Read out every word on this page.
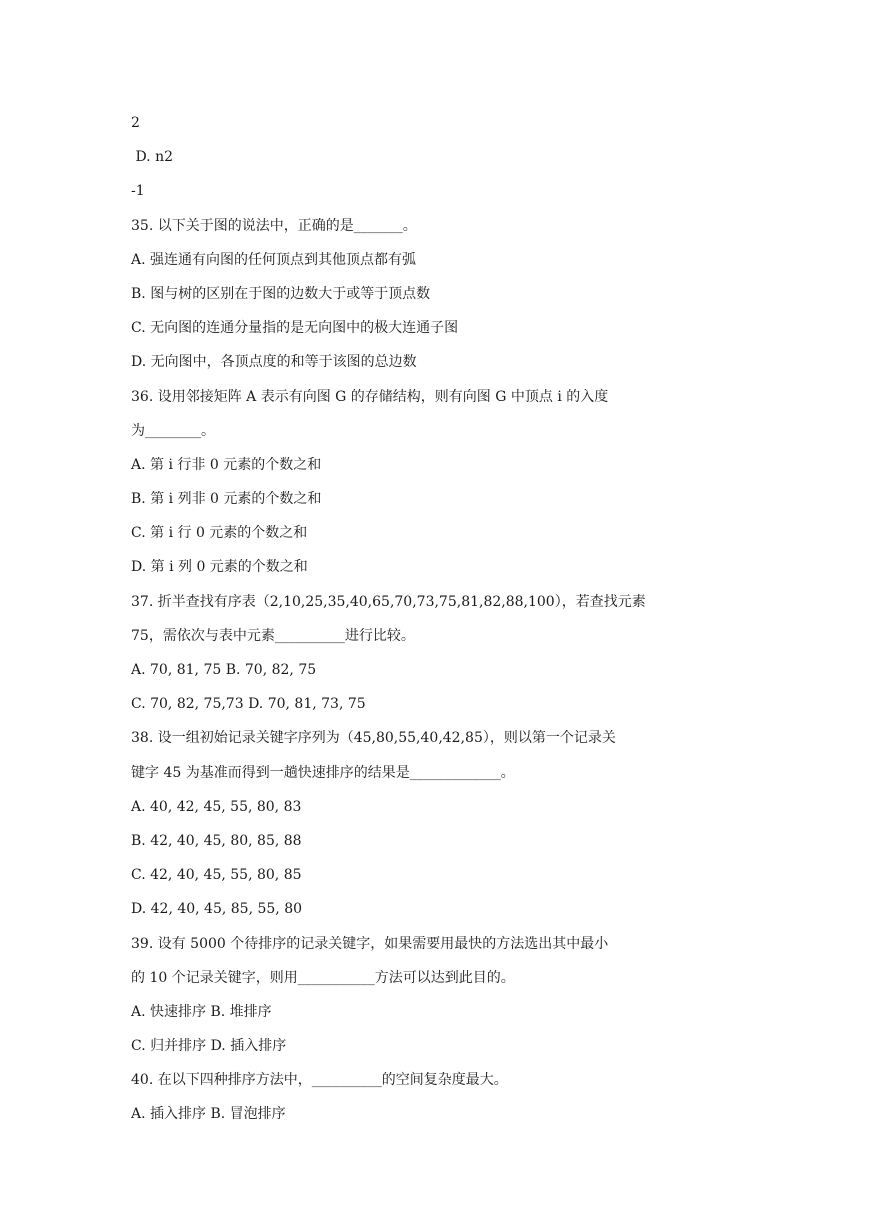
2
D. n2
-1
35. 以下关于图的说法中，正确的是_______。
A. 强连通有向图的任何顶点到其他顶点都有弧
B. 图与树的区别在于图的边数大于或等于顶点数
C. 无向图的连通分量指的是无向图中的极大连通子图
D. 无向图中，各顶点度的和等于该图的总边数
36. 设用邻接矩阵 A 表示有向图 G 的存储结构，则有向图 G 中顶点 i 的入度
为________。
A. 第 i 行非 0 元素的个数之和
B. 第 i 列非 0 元素的个数之和
C. 第 i 行 0 元素的个数之和
D. 第 i 列 0 元素的个数之和
37. 折半查找有序表（2,10,25,35,40,65,70,73,75,81,82,88,100），若查找元素
75，需依次与表中元素__________进行比较。
A. 70, 81, 75 B. 70, 82, 75
C. 70, 82, 75,73 D. 70, 81, 73, 75
38. 设一组初始记录关键字序列为（45,80,55,40,42,85），则以第一个记录关
键字 45 为基准而得到一趟快速排序的结果是_____________。
A. 40, 42, 45, 55, 80, 83
B. 42, 40, 45, 80, 85, 88
C. 42, 40, 45, 55, 80, 85
D. 42, 40, 45, 85, 55, 80
39. 设有 5000 个待排序的记录关键字，如果需要用最快的方法选出其中最小
的 10 个记录关键字，则用___________方法可以达到此目的。
A. 快速排序 B. 堆排序
C. 归并排序 D. 插入排序
40. 在以下四种排序方法中，__________的空间复杂度最大。
A. 插入排序 B. 冒泡排序
